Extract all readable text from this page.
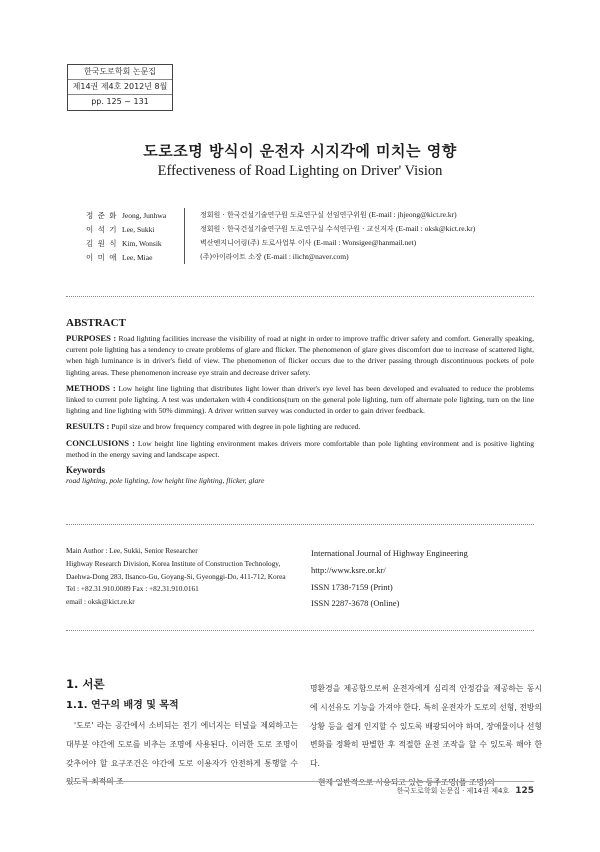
한국도로학회 논문집
제14권 제4호 2012년 8월
pp. 125 ~ 131
도로조명 방식이 운전자 시지각에 미치는 영향
Effectiveness of Road Lighting on Driver' Vision
정 준 화 Jeong, Junhwa	정회원 · 한국건설기술연구원 도로연구실 선임연구위원 (E-mail : jhjeong@kict.re.kr)
이 석 기 Lee, Sukki	정회원 · 한국건설기술연구원 도로연구실 수석연구원 · 교신저자 (E-mail : oksk@kict.re.kr)
김 원 식 Kim, Wonsik	벽산엔지니어링(주) 도로사업부 이사 (E-mail : Wonsigee@hanmail.net)
이 미 애 Lee, Miae	(주)아이라이트 소장 (E-mail : ilicht@naver.com)
ABSTRACT

PURPOSES : Road lighting facilities increase the visibility of road at night in order to improve traffic driver safety and comfort. Generally speaking, current pole lighting has a tendency to create problems of glare and flicker. The phenomenon of glare gives discomfort due to increase of scattered light, when high luminance is in driver's field of view. The phenomenon of flicker occurs due to the driver passing through discontinuous pockets of pole lighting areas. These phenomenon increase eye strain and decrease driver safety.

METHODS : Low height line lighting that distributes light lower than driver's eye level has been developed and evaluated to reduce the problems linked to current pole lighting. A test was undertaken with 4 conditions(turn on the general pole lighting, turn off alternate pole lighting, turn on the line lighting and line lighting with 50% dimming). A driver written survey was conducted in order to gain driver feedback.

RESULTS : Pupil size and brow frequency compared with degree in pole lighting are reduced.

CONCLUSIONS : Low height line lighting environment makes drivers more comfortable than pole lighting environment and is positive lighting method in the energy saving and landscape aspect.

Keywords
road lighting, pole lighting, low height line lighting, flicker, glare
Main Author : Lee, Sukki, Senior Researcher
Highway Research Division, Korea Institute of Construction Technology,
Daehwa-Dong 283, Ilsanco-Gu, Goyang-Si, Gyeonggi-Do, 411-712, Korea
Tel : +82.31.910.0089 Fax : +82.31.910.0161
email : oksk@kict.re.kr
International Journal of Highway Engineering
http://www.ksre.or.kr/
ISSN 1738-7159 (Print)
ISSN 2287-3678 (Online)
1. 서론
1.1. 연구의 배경 및 목적

'도로' 라는 공간에서 소비되는 전기 에너지는 터널을 제외하고는 대부분 야간에 도로를 비추는 조명에 사용된다. 이러한 도로 조명이 갖추어야 할 요구조건은 야간에 도로 이용자가 안전하게 통행할 수 있도록 최적의 조

명환경을 제공함으로써 운전자에게 심리적 안정감을 제공하는 동시에 시선유도 기능을 가져야 한다. 특히 운전자가 도로의 선형, 전방의 상황 등을 쉽게 인지할 수 있도록 배광되어야 하며, 장애물이나 선형 변화를 정확히 판별한 후 적절한 운전 조작을 할 수 있도록 해야 한다.

현재 일반적으로 사용되고 있는 등주조명(폴 조명)의

한국도로학회 논문집 · 제14권 제4호 125
